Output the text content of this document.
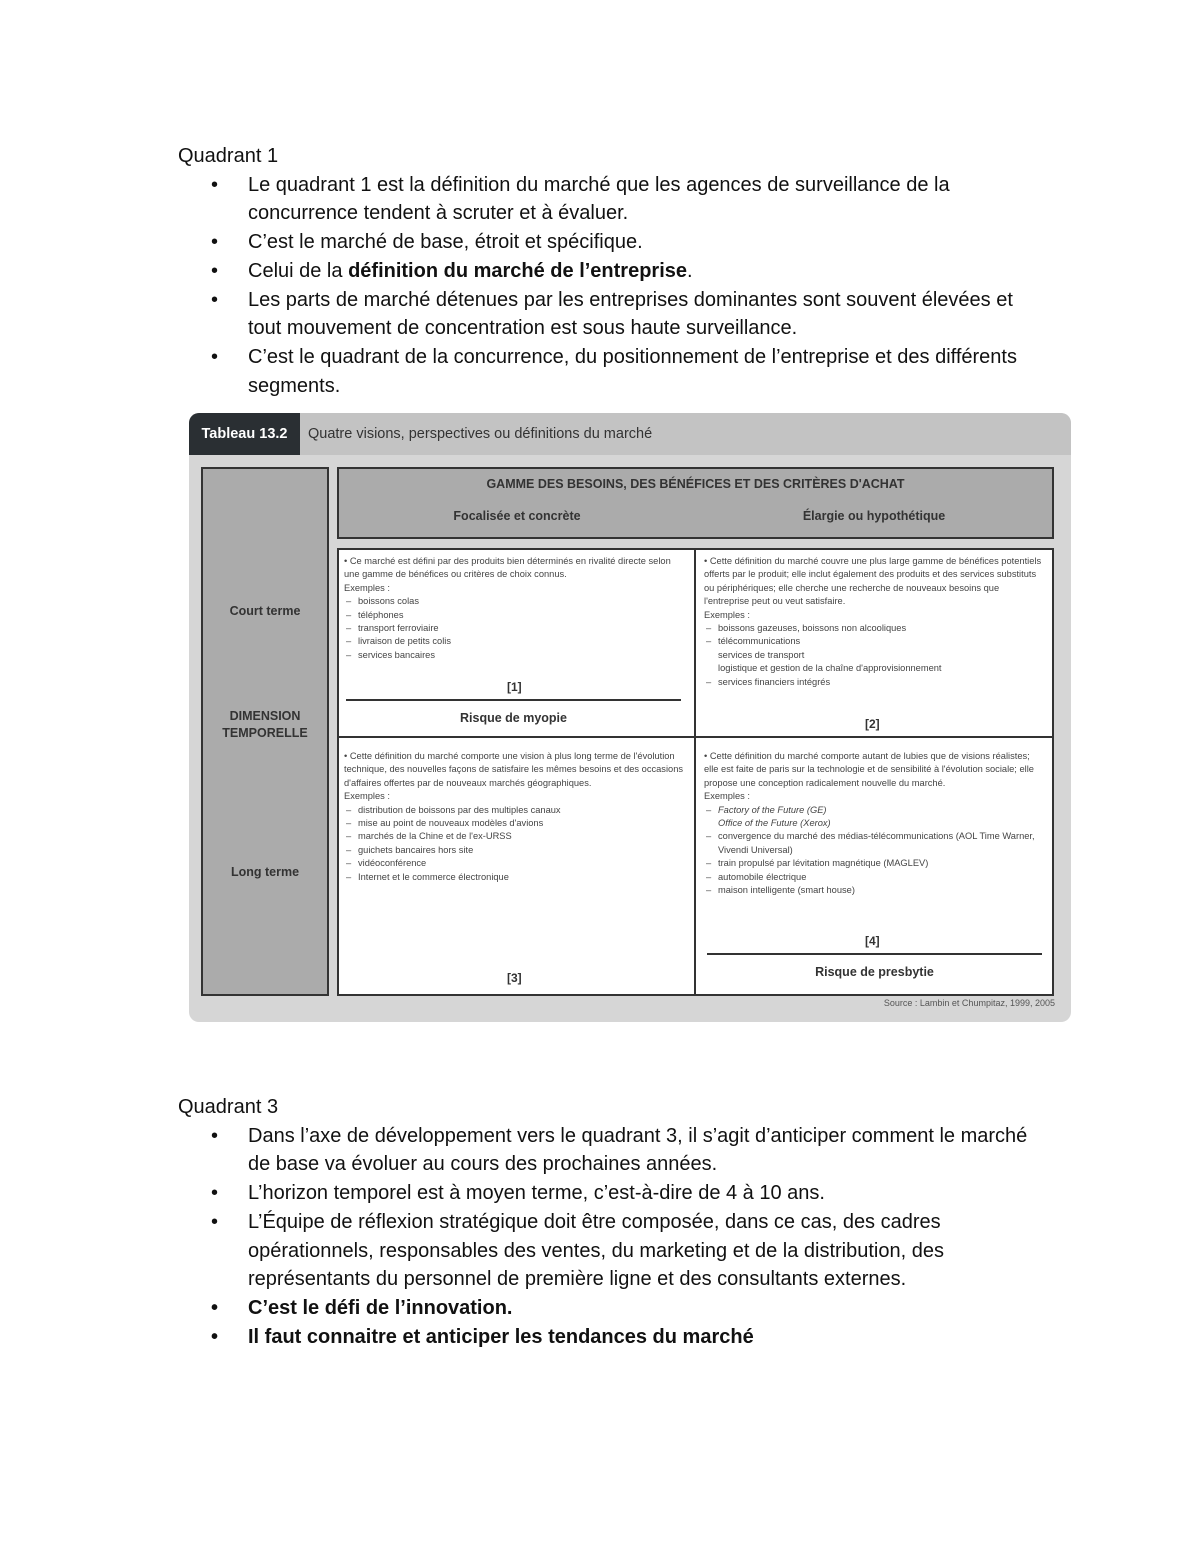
Quadrant 1
• Le quadrant 1 est la définition du marché que les agences de surveillance de la concurrence tendent à scruter et à évaluer.
• C’est le marché de base, étroit et spécifique.
• Celui de la définition du marché de l’entreprise.
• Les parts de marché détenues par les entreprises dominantes sont souvent élevées et tout mouvement de concentration est sous haute surveillance.
• C’est le quadrant de la concurrence, du positionnement de l’entreprise et des différents segments.
Tableau 13.2	Quatre visions, perspectives ou définitions du marché
Court terme
DIMENSION
TEMPORELLE
Long terme
GAMME DES BESOINS, DES BÉNÉFICES ET DES CRITÈRES D'ACHAT
Focalisée et concrète	Élargie ou hypothétique

• Ce marché est défini par des produits bien déterminés en rivalité directe selon une gamme de bénéfices ou critères de choix connus.

Exemples :

– boissons colas
– téléphones
– transport ferroviaire
– livraison de petits colis
– services bancaires
[1]
Risque de myopie

• Cette définition du marché couvre une plus large gamme de bénéfices potentiels offerts par le produit; elle inclut également des produits et des services substituts ou périphériques; elle cherche une recherche de nouveaux besoins que l'entreprise peut ou veut satisfaire.

Exemples :

– boissons gazeuses, boissons non alcooliques
– télécommunications
services de transport
logistique et gestion de la chaîne d'approvisionnement
– services financiers intégrés
[2]

• Cette définition du marché comporte une vision à plus long terme de l'évolution technique, des nouvelles façons de satisfaire les mêmes besoins et des occasions d'affaires offertes par de nouveaux marchés géographiques.

Exemples :

– distribution de boissons par des multiples canaux
– mise au point de nouveaux modèles d'avions
– marchés de la Chine et de l'ex-URSS
– guichets bancaires hors site
– vidéoconférence
– Internet et le commerce électronique
[3]

• Cette définition du marché comporte autant de lubies que de visions réalistes; elle est faite de paris sur la technologie et de sensibilité à l'évolution sociale; elle propose une conception radicalement nouvelle du marché.

Exemples :

– Factory of the Future (GE)
Office of the Future (Xerox)
– convergence du marché des médias-télécommunications (AOL Time Warner, Vivendi Universal)
– train propulsé par lévitation magnétique (MAGLEV)
– automobile électrique
– maison intelligente (smart house)
[4]
Risque de presbytie
Source : Lambin et Chumpitaz, 1999, 2005
Quadrant 3
• Dans l’axe de développement vers le quadrant 3, il s’agit d’anticiper comment le marché de base va évoluer au cours des prochaines années.
• L’horizon temporel est à moyen terme, c’est-à-dire de 4 à 10 ans.
• L’Équipe de réflexion stratégique doit être composée, dans ce cas, des cadres opérationnels, responsables des ventes, du marketing et de la distribution, des représentants du personnel de première ligne et des consultants externes.
• C’est le défi de l’innovation.
• Il faut connaitre et anticiper les tendances du marché
